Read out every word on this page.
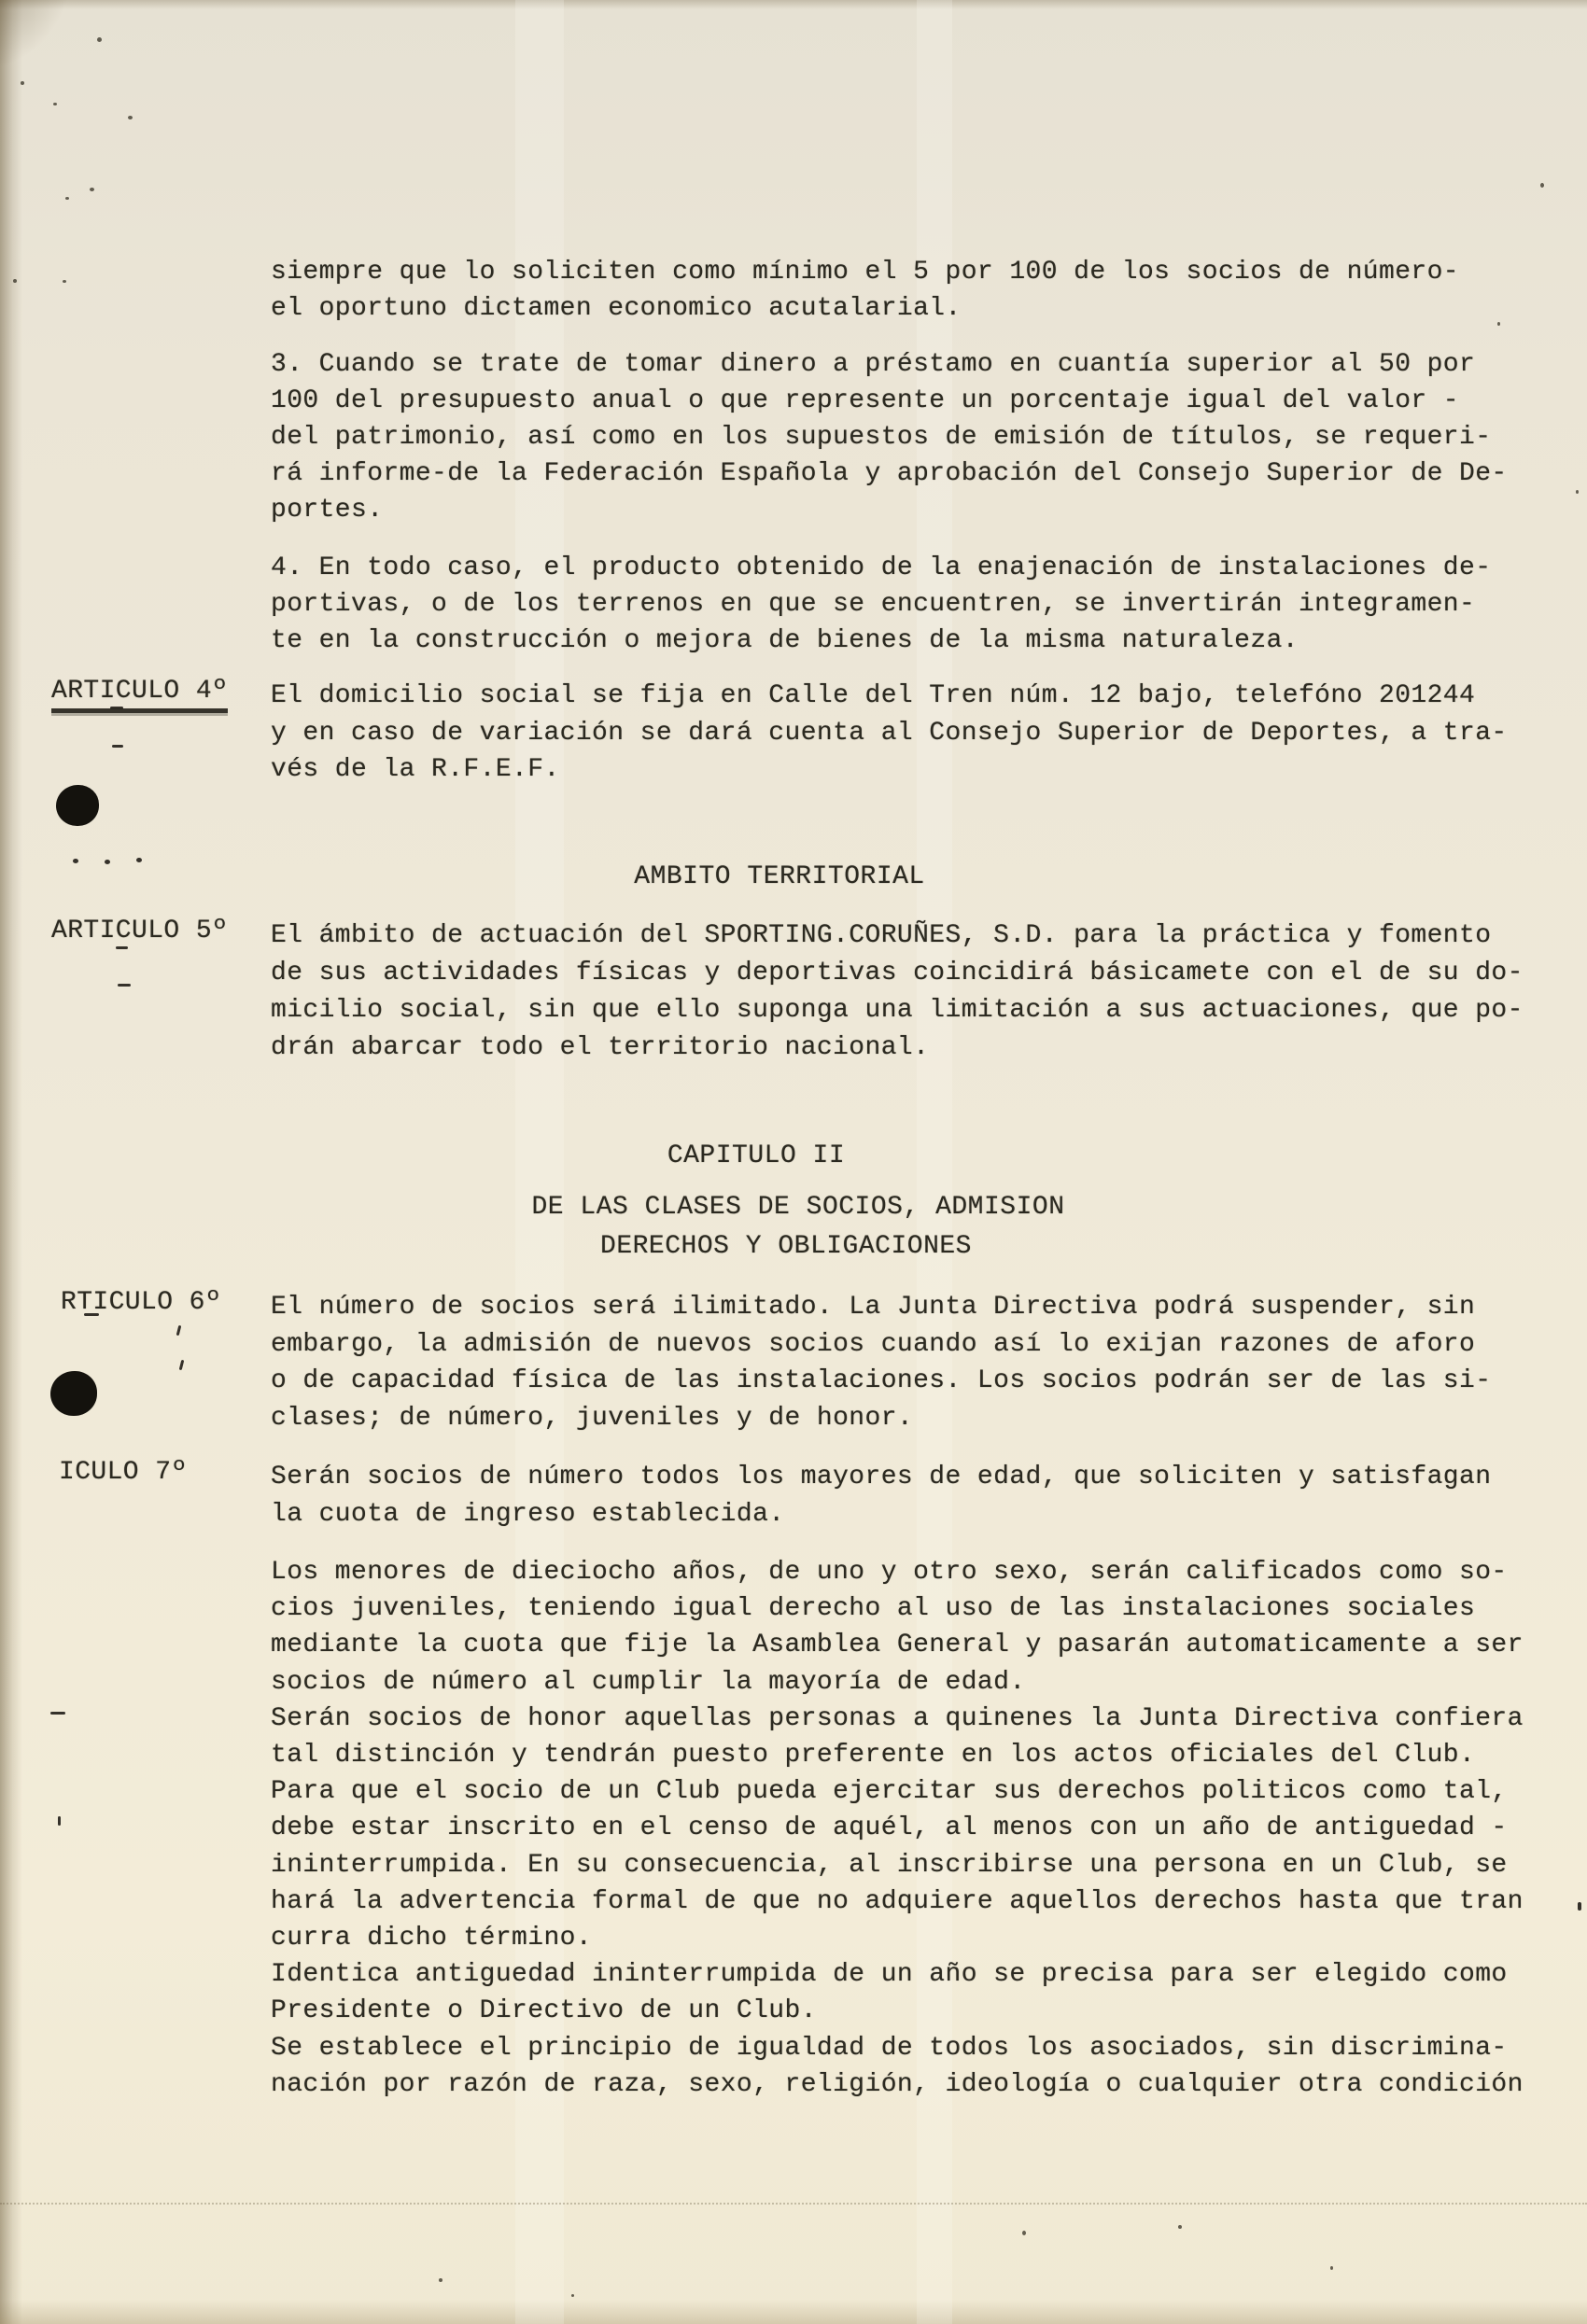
siempre que lo soliciten como mínimo el 5 por 100 de los socios de número-
el oportuno dictamen economico acutalarial.
3. Cuando se trate de tomar dinero a préstamo en cuantía superior al 50 por
100 del presupuesto anual o que represente un porcentaje igual del valor -
del patrimonio, así como en los supuestos de emisión de títulos, se requeri-
rá informe-de la Federación Española y aprobación del Consejo Superior de De-
portes.
4. En todo caso, el producto obtenido de la enajenación de instalaciones de-
portivas, o de los terrenos en que se encuentren, se invertirán integramen-
te en la construcción o mejora de bienes de la misma naturaleza.
ARTICULO 4º El domicilio social se fija en Calle del Tren núm. 12 bajo, telefóno 201244
y en caso de variación se dará cuenta al Consejo Superior de Deportes, a tra-
vés de la R.F.E.F.
AMBITO TERRITORIAL
ARTICULO 5º El ámbito de actuación del SPORTING.CORUÑES, S.D. para la práctica y fomento
de sus actividades físicas y deportivas coincidirá básicamete con el de su do-
micilio social, sin que ello suponga una limitación a sus actuaciones, que po-
drán abarcar todo el territorio nacional.
CAPITULO II
DE LAS CLASES DE SOCIOS, ADMISION
DERECHOS Y OBLIGACIONES
RTICULO 6º El número de socios será ilimitado. La Junta Directiva podrá suspender, sin
embargo, la admisión de nuevos socios cuando así lo exijan razones de aforo
o de capacidad física de las instalaciones. Los socios podrán ser de las si-
clases; de número, juveniles y de honor.
ICULO 7º	Serán socios de número todos los mayores de edad, que soliciten y satisfagan
la cuota de ingreso establecida.
Los menores de dieciocho años, de uno y otro sexo, serán calificados como so-
cios juveniles, teniendo igual derecho al uso de las instalaciones sociales
mediante la cuota que fije la Asamblea General y pasarán automaticamente a ser
socios de número al cumplir la mayoría de edad.
Serán socios de honor aquellas personas a quinenes la Junta Directiva confiera
tal distinción y tendrán puesto preferente en los actos oficiales del Club.
Para que el socio de un Club pueda ejercitar sus derechos politicos como tal,
debe estar inscrito en el censo de aquél, al menos con un año de antiguedad -
ininterrumpida. En su consecuencia, al inscribirse una persona en un Club, se
hará la advertencia formal de que no adquiere aquellos derechos hasta que tran
curra dicho término.
Identica antiguedad ininterrumpida de un año se precisa para ser elegido como
Presidente o Directivo de un Club.
Se establece el principio de igualdad de todos los asociados, sin discrimina-
nación por razón de raza, sexo, religión, ideología o cualquier otra condición
